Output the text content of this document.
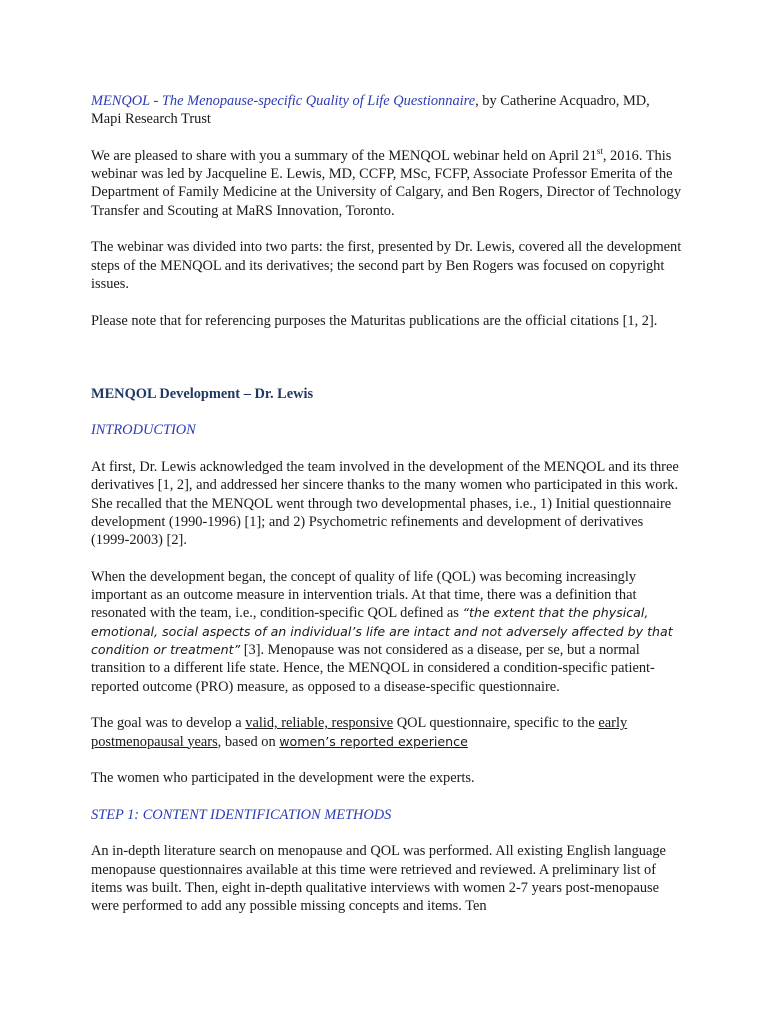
MENQOL - The Menopause-specific Quality of Life Questionnaire, by Catherine Acquadro, MD, Mapi Research Trust

We are pleased to share with you a summary of the MENQOL webinar held on April 21st, 2016. This webinar was led by Jacqueline E. Lewis, MD, CCFP, MSc, FCFP, Associate Professor Emerita of the Department of Family Medicine at the University of Calgary, and Ben Rogers, Director of Technology Transfer and Scouting at MaRS Innovation, Toronto.

The webinar was divided into two parts: the first, presented by Dr. Lewis, covered all the development steps of the MENQOL and its derivatives; the second part by Ben Rogers was focused on copyright issues.

Please note that for referencing purposes the Maturitas publications are the official citations [1, 2].

MENQOL Development – Dr. Lewis

INTRODUCTION

At first, Dr. Lewis acknowledged the team involved in the development of the MENQOL and its three derivatives [1, 2], and addressed her sincere thanks to the many women who participated in this work. She recalled that the MENQOL went through two developmental phases, i.e., 1) Initial questionnaire development (1990-1996) [1]; and 2) Psychometric refinements and development of derivatives (1999-2003) [2].

When the development began, the concept of quality of life (QOL) was becoming increasingly important as an outcome measure in intervention trials. At that time, there was a definition that resonated with the team, i.e., condition-specific QOL defined as “the extent that the physical, emotional, social aspects of an individual’s life are intact and not adversely affected by that condition or treatment” [3]. Menopause was not considered as a disease, per se, but a normal transition to a different life state. Hence, the MENQOL in considered a condition-specific patient-reported outcome (PRO) measure, as opposed to a disease-specific questionnaire.

The goal was to develop a valid, reliable, responsive QOL questionnaire, specific to the early postmenopausal years, based on women’s reported experience

The women who participated in the development were the experts.

STEP 1: CONTENT IDENTIFICATION METHODS

An in-depth literature search on menopause and QOL was performed. All existing English language menopause questionnaires available at this time were retrieved and reviewed. A preliminary list of items was built. Then, eight in-depth qualitative interviews with women 2-7 years post-menopause were performed to add any possible missing concepts and items. Ten
